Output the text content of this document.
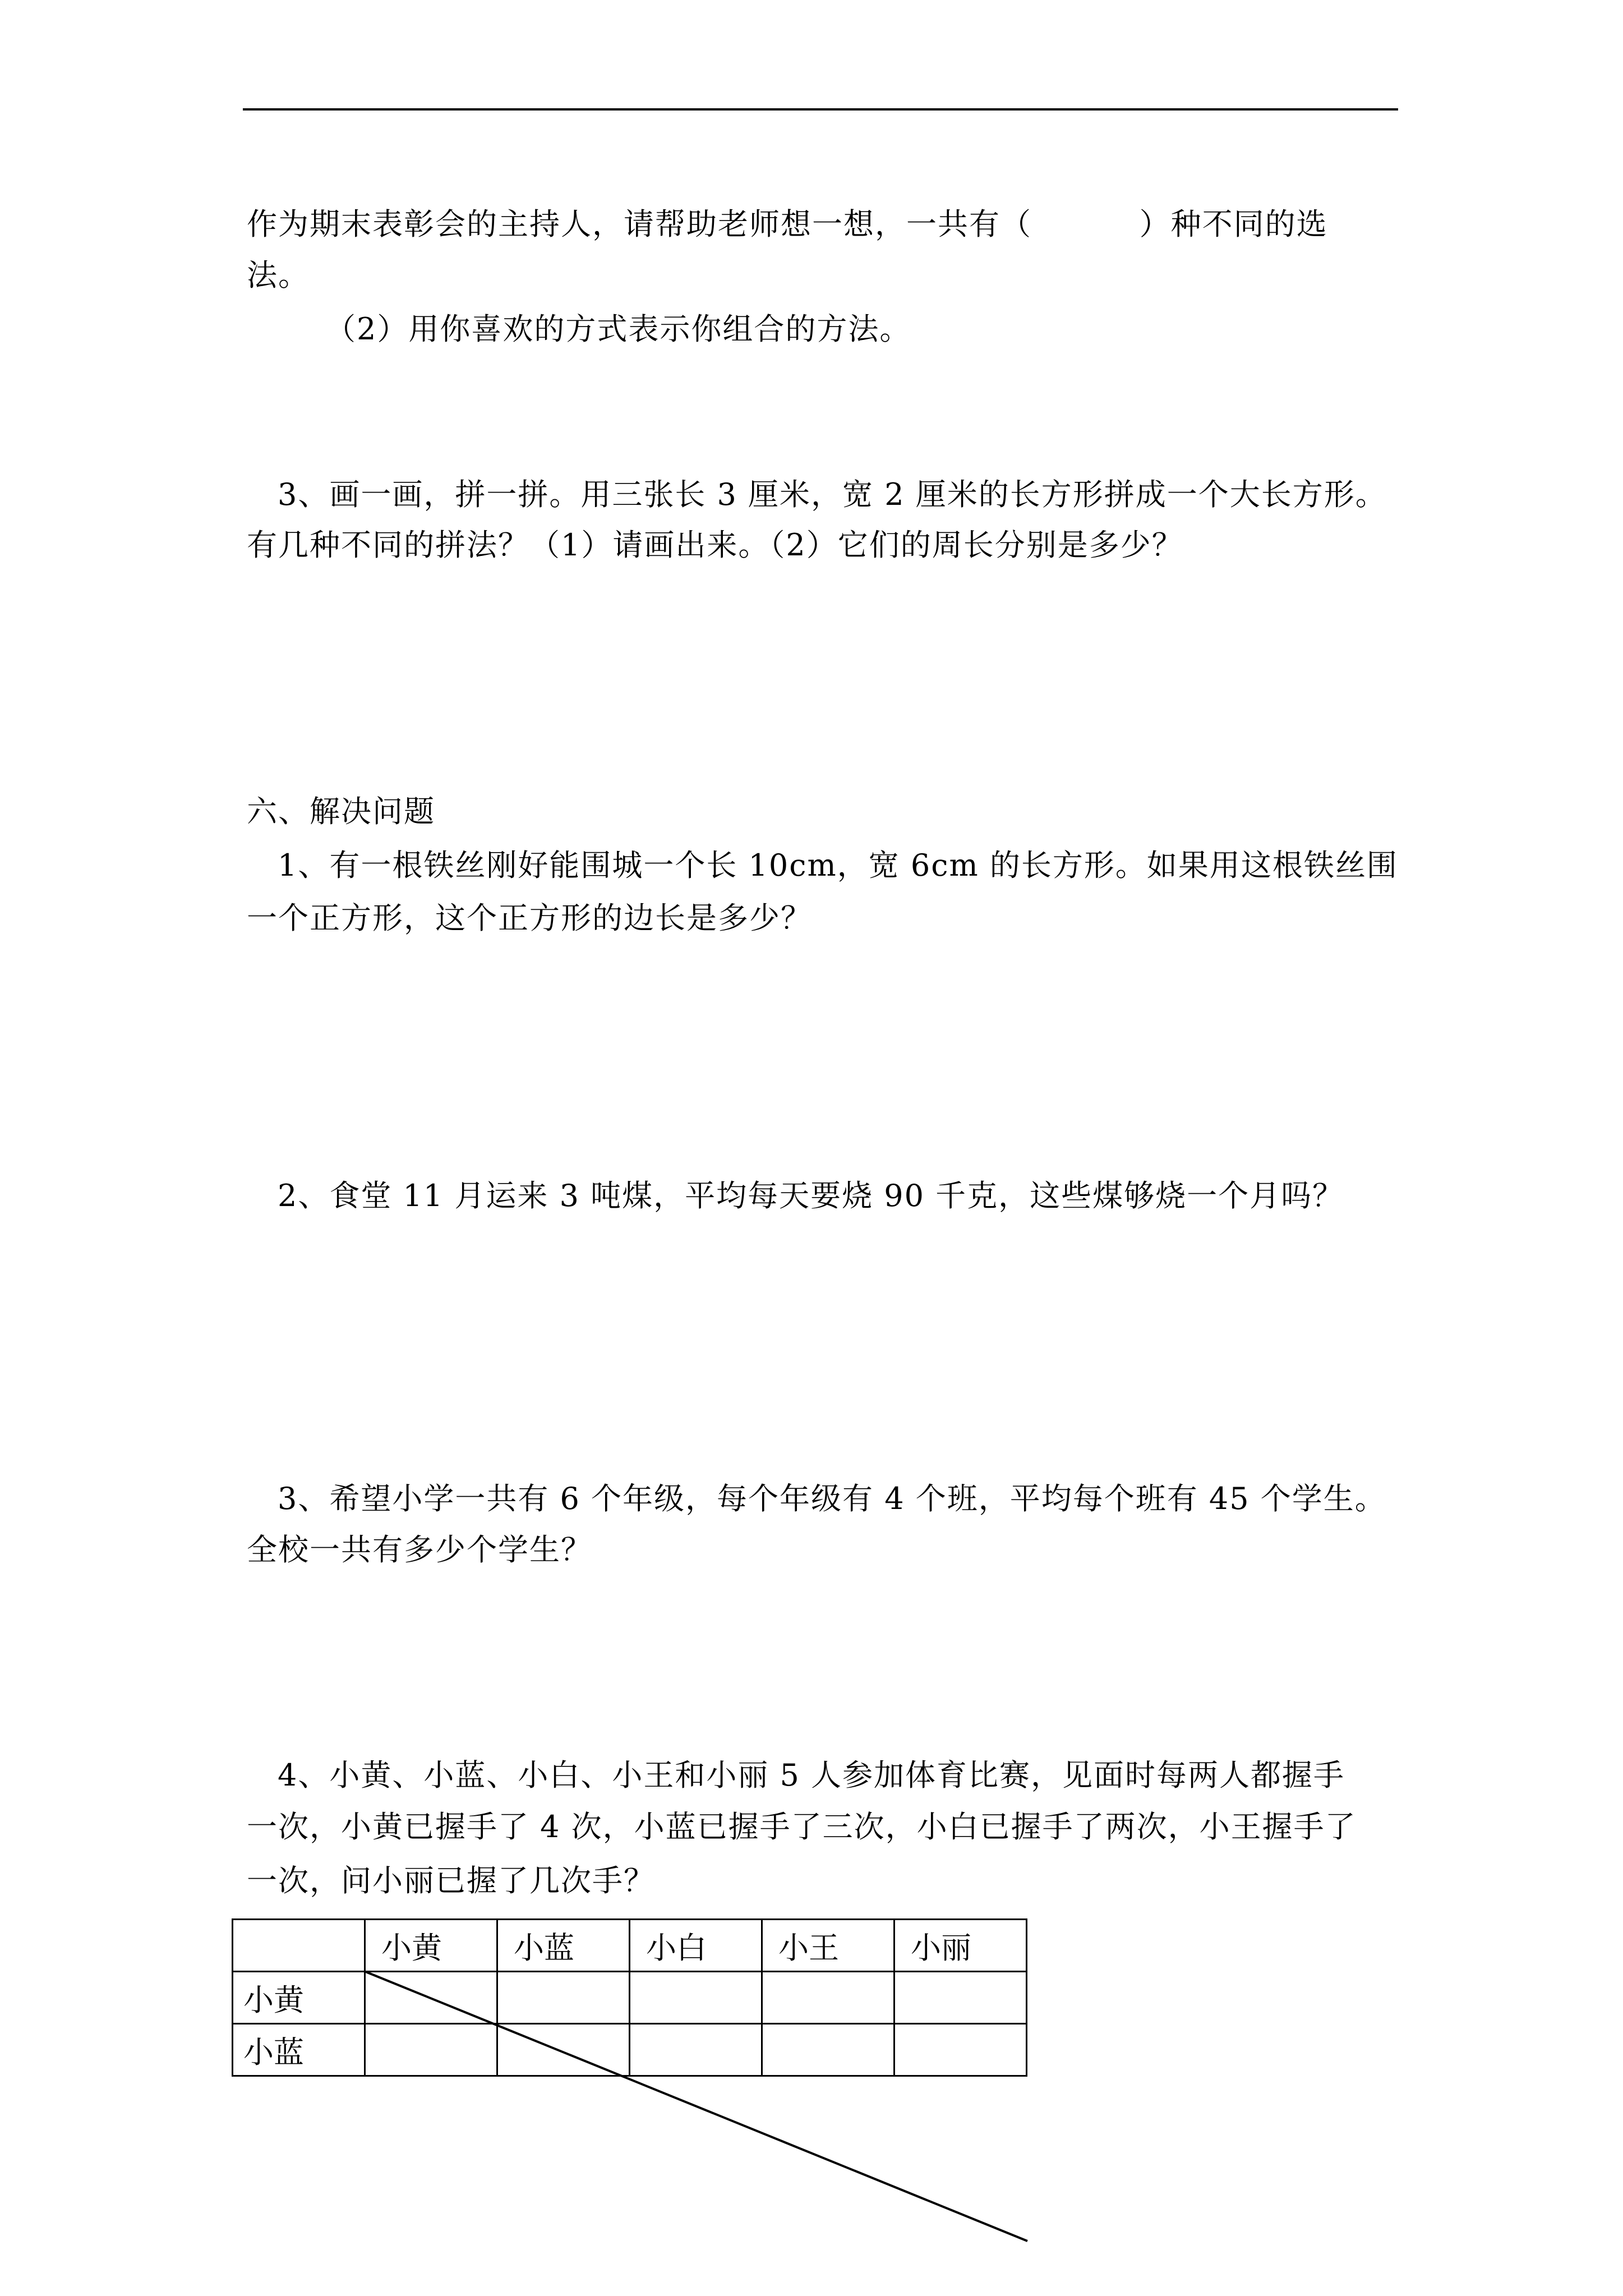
作为期末表彰会的主持人，请帮助老师想一想，一共有（          ）种不同的选
法。
（2）用你喜欢的方式表示你组合的方法。
3、画一画，拼一拼。用三张长 3 厘米，宽 2 厘米的长方形拼成一个大长方形。
有几种不同的拼法？（1）请画出来。（2）它们的周长分别是多少？
六、解决问题
1、有一根铁丝刚好能围城一个长 10cm，宽 6cm 的长方形。如果用这根铁丝围
一个正方形，这个正方形的边长是多少？
2、食堂 11 月运来 3 吨煤，平均每天要烧 90 千克，这些煤够烧一个月吗？
3、希望小学一共有 6 个年级，每个年级有 4 个班，平均每个班有 45 个学生。
全校一共有多少个学生？
4、小黄、小蓝、小白、小王和小丽 5 人参加体育比赛，见面时每两人都握手
一次，小黄已握手了 4 次，小蓝已握手了三次，小白已握手了两次，小王握手了
一次，问小丽已握了几次手？
	小黄	小蓝	小白	小王	小丽
小黄					
小蓝					
